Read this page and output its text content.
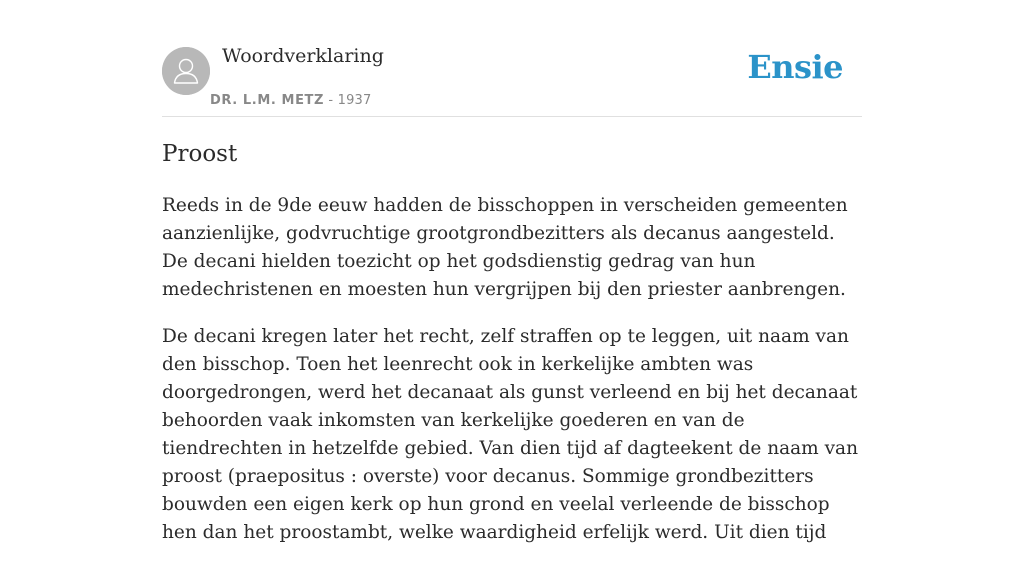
Woordverklaring
DR. L.M. METZ - 1937
Ensie
Proost

Reeds in de 9de eeuw hadden de bisschoppen in verscheiden gemeenten aanzienlijke, godvruchtige grootgrondbezitters als decanus aangesteld. De decani hielden toezicht op het godsdienstig gedrag van hun medechristenen en moesten hun vergrijpen bij den priester aanbrengen.

De decani kregen later het recht, zelf straffen op te leggen, uit naam van den bisschop. Toen het leenrecht ook in kerkelijke ambten was doorgedrongen, werd het decanaat als gunst verleend en bij het decanaat behoorden vaak inkomsten van kerkelijke goederen en van de tiendrechten in hetzelfde gebied. Van dien tijd af dagteekent de naam van proost (praepositus : overste) voor decanus. Sommige grondbezitters bouwden een eigen kerk op hun grond en veelal verleende de bisschop hen dan het proostambt, welke waardigheid erfelijk werd. Uit dien tijd
